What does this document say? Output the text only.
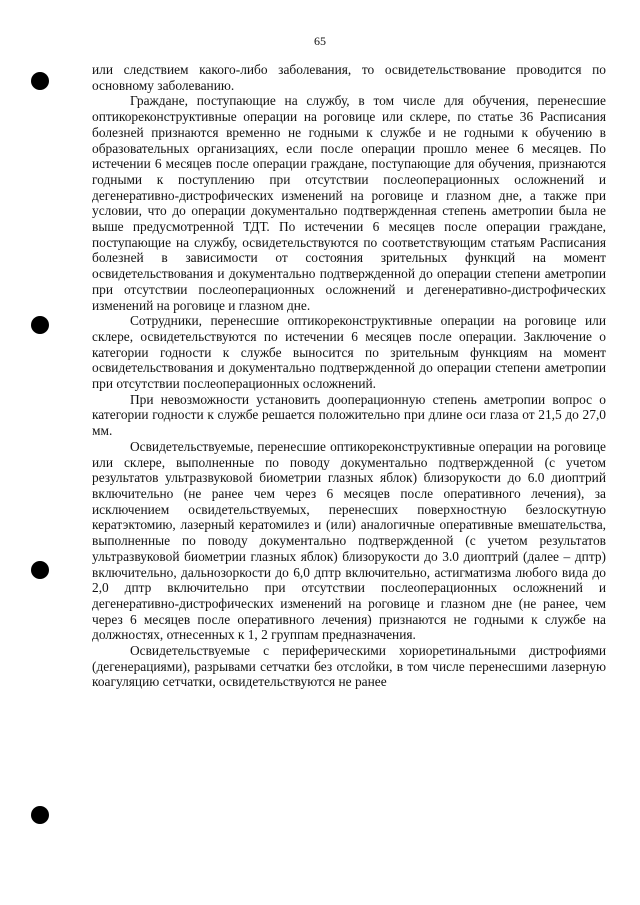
65

или следствием какого-либо заболевания, то освидетельствование проводится по основному заболеванию.

Граждане, поступающие на службу, в том числе для обучения, перенесшие оптикореконструктивные операции на роговице или склере, по статье 36 Расписания болезней признаются временно не годными к службе и не годными к обучению в образовательных организациях, если после операции прошло менее 6 месяцев. По истечении 6 месяцев после операции граждане, поступающие для обучения, признаются годными к поступлению при отсутствии послеоперационных осложнений и дегенеративно-дистрофических изменений на роговице и глазном дне, а также при условии, что до операции документально подтвержденная степень аметропии была не выше предусмотренной ТДТ. По истечении 6 месяцев после операции граждане, поступающие на службу, освидетельствуются по соответствующим статьям Расписания болезней в зависимости от состояния зрительных функций на момент освидетельствования и документально подтвержденной до операции степени аметропии при отсутствии послеоперационных осложнений и дегенеративно-дистрофических изменений на роговице и глазном дне.

Сотрудники, перенесшие оптикореконструктивные операции на роговице или склере, освидетельствуются по истечении 6 месяцев после операции. Заключение о категории годности к службе выносится по зрительным функциям на момент освидетельствования и документально подтвержденной до операции степени аметропии при отсутствии послеоперационных осложнений.

При невозможности установить дооперационную степень аметропии вопрос о категории годности к службе решается положительно при длине оси глаза от 21,5 до 27,0 мм.

Освидетельствуемые, перенесшие оптикореконструктивные операции на роговице или склере, выполненные по поводу документально подтвержденной (с учетом результатов ультразвуковой биометрии глазных яблок) близорукости до 6.0 диоптрий включительно (не ранее чем через 6 месяцев после оперативного лечения), за исключением освидетельствуемых, перенесших поверхностную безлоскутную кератэктомию, лазерный кератомилез и (или) аналогичные оперативные вмешательства, выполненные по поводу документально подтвержденной (с учетом результатов ультразвуковой биометрии глазных яблок) близорукости до 3.0 диоптрий (далее – дптр) включительно, дальнозоркости до 6,0 дптр включительно, астигматизма любого вида до 2,0 дптр включительно при отсутствии послеоперационных осложнений и дегенеративно-дистрофических изменений на роговице и глазном дне (не ранее, чем через 6 месяцев после оперативного лечения) признаются не годными к службе на должностях, отнесенных к 1, 2 группам предназначения.

Освидетельствуемые с периферическими хориоретинальными дистрофиями (дегенерациями), разрывами сетчатки без отслойки, в том числе перенесшими лазерную коагуляцию сетчатки, освидетельствуются не ранее
